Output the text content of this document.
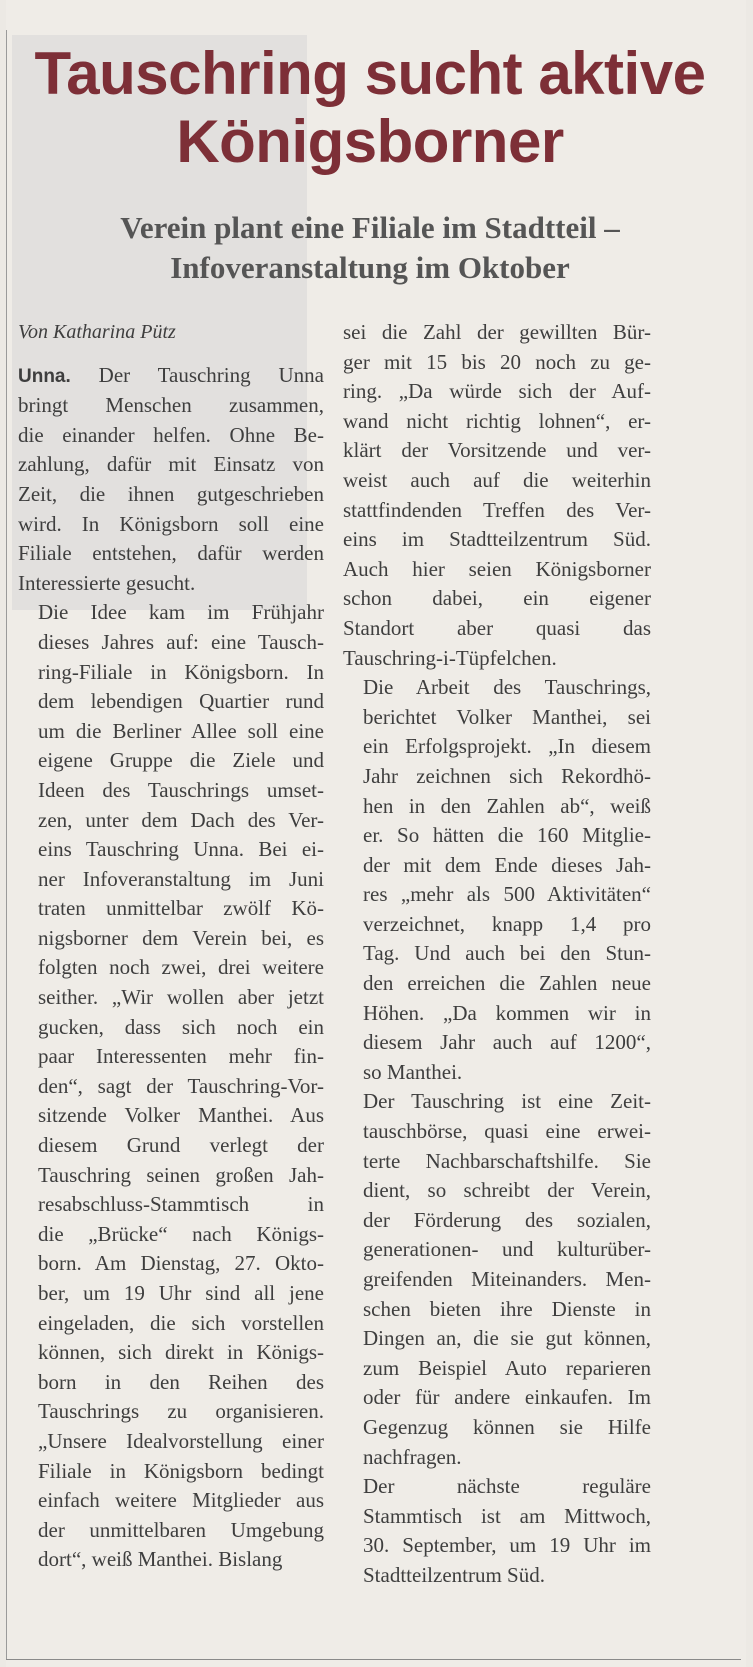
Tauschring sucht aktive Königsborner
Verein plant eine Filiale im Stadtteil – Infoveranstaltung im Oktober
Von Katharina Pütz

Unna. Der Tauschring Unna
bringt Menschen zusammen,
die einander helfen. Ohne Be-
zahlung, dafür mit Einsatz von
Zeit, die ihnen gutgeschrieben
wird. In Königsborn soll eine
Filiale entstehen, dafür werden
Interessierte gesucht.

Die Idee kam im Frühjahr
dieses Jahres auf: eine Tausch-
ring-Filiale in Königsborn. In
dem lebendigen Quartier rund
um die Berliner Allee soll eine
eigene Gruppe die Ziele und
Ideen des Tauschrings umset-
zen, unter dem Dach des Ver-
eins Tauschring Unna. Bei ei-
ner Infoveranstaltung im Juni
traten unmittelbar zwölf Kö-
nigsborner dem Verein bei, es
folgten noch zwei, drei weitere
seither. „Wir wollen aber jetzt
gucken, dass sich noch ein
paar Interessenten mehr fin-
den“, sagt der Tauschring-Vor-
sitzende Volker Manthei. Aus
diesem Grund verlegt der
Tauschring seinen großen Jah-
resabschluss-Stammtisch in
die „Brücke“ nach Königs-
born. Am Dienstag, 27. Okto-
ber, um 19 Uhr sind all jene
eingeladen, die sich vorstellen
können, sich direkt in Königs-
born in den Reihen des
Tauschrings zu organisieren.
„Unsere Idealvorstellung einer
Filiale in Königsborn bedingt
einfach weitere Mitglieder aus
der unmittelbaren Umgebung
dort“, weiß Manthei. Bislang

sei die Zahl der gewillten Bür-
ger mit 15 bis 20 noch zu ge-
ring. „Da würde sich der Auf-
wand nicht richtig lohnen“, er-
klärt der Vorsitzende und ver-
weist auch auf die weiterhin
stattfindenden Treffen des Ver-
eins im Stadtteilzentrum Süd.
Auch hier seien Königsborner
schon dabei, ein eigener
Standort aber quasi das
Tauschring-i-Tüpfelchen.

Die Arbeit des Tauschrings,
berichtet Volker Manthei, sei
ein Erfolgsprojekt. „In diesem
Jahr zeichnen sich Rekordhö-
hen in den Zahlen ab“, weiß
er. So hätten die 160 Mitglie-
der mit dem Ende dieses Jah-
res „mehr als 500 Aktivitäten“
verzeichnet, knapp 1,4 pro
Tag. Und auch bei den Stun-
den erreichen die Zahlen neue
Höhen. „Da kommen wir in
diesem Jahr auch auf 1200“,
so Manthei.

Der Tauschring ist eine Zeit-
tauschbörse, quasi eine erwei-
terte Nachbarschaftshilfe. Sie
dient, so schreibt der Verein,
der Förderung des sozialen,
generationen- und kulturüber-
greifenden Miteinanders. Men-
schen bieten ihre Dienste in
Dingen an, die sie gut können,
zum Beispiel Auto reparieren
oder für andere einkaufen. Im
Gegenzug können sie Hilfe
nachfragen.

Der nächste reguläre
Stammtisch ist am Mittwoch,
30. September, um 19 Uhr im
Stadtteilzentrum Süd.
